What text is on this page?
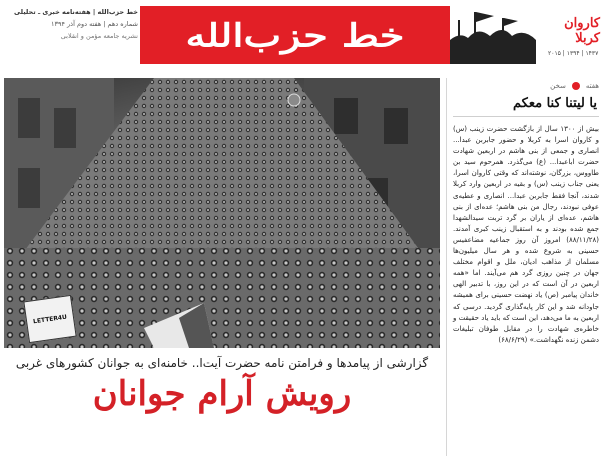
خط حزب‌الله | هفته‌نامه خبری ـ تحلیلی
شماره دهم | هفته دوم آذر ۱۳۹۴
نشریه جامعه مؤمن و انقلابی خط حزب‌الله	کاروان کربلا
۲۰۱۵ | ۱۳۹۴ | ۱۴۳۷
LETTER4U
گزارشی از پیامدها و فرامتن نامه حضرت آیت‌ا.. خامنه‌ای به جوانان کشورهای غربی
رویش آرام جوانان
هفته
سخن
یا لیتنا کنا معکم

بیش از ۱۳۰۰ سال از بازگشت حضرت زینب (س) و کاروان اسرا به کربلا و حضور جابربن عبدا... انصاری و جمعی از بنی هاشم در اربعین شهادت حضرت اباعبدا... (ع) می‌گذرد. همرحوم سید بن طاووس، بزرگان، نوشته‌اند که وقتی کاروان اسرا، یعنی جناب زینب (س) و بقیه در اربعین وارد کربلا شدند، آنجا فقط جابربن عبدا... انصاری و عطیه‌ی عوفی نبودند، رجال من بنی هاشم؛ عده‌ای از بنی هاشم، عده‌ای از یاران بر گرد تربت سیدالشهدا جمع شده بودند و به استقبال زینب کبری آمدند. (۸۸/۱۱/۲۸) امروز آن روز جماعیه مضاعفیس حسینی به شروع شده و هر سال میلیون‌ها مسلمان از مذاهب ادیان، ملل و اقوام مختلف جهان در چنین روزی گرد هم می‌آیند. اما «همه اربعین در آن است که در این روز، با تدبیر الهی خاندان پیامبر (ص) یاد نهضت حسینی برای همیشه جاودانه شد و این کار پایه‌گذاری گردید. درسی که اربعین به ما می‌دهد، این است که باید یاد حقیقت و خاطره‌ی شهادت را در مقابل طوفان تبلیغات دشمن زنده نگهداشت.» (۶۸/۶/۲۹)
